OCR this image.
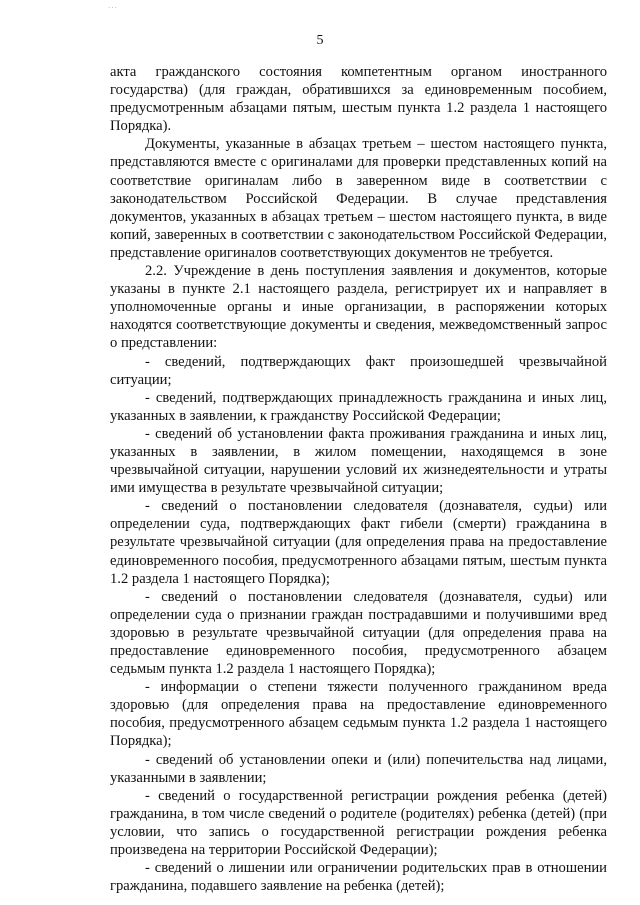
···
5

акта гражданского состояния компетентным органом иностранного государства) (для граждан, обратившихся за единовременным пособием, предусмотренным абзацами пятым, шестым пункта 1.2 раздела 1 настоящего Порядка).

Документы, указанные в абзацах третьем – шестом настоящего пункта, представляются вместе с оригиналами для проверки представленных копий на соответствие оригиналам либо в заверенном виде в соответствии с законодательством Российской Федерации. В случае представления документов, указанных в абзацах третьем – шестом настоящего пункта, в виде копий, заверенных в соответствии с законодательством Российской Федерации, представление оригиналов соответствующих документов не требуется.

2.2. Учреждение в день поступления заявления и документов, которые указаны в пункте 2.1 настоящего раздела, регистрирует их и направляет в уполномоченные органы и иные организации, в распоряжении которых находятся соответствующие документы и сведения, межведомственный запрос о представлении:

- сведений, подтверждающих факт произошедшей чрезвычайной ситуации;

- сведений, подтверждающих принадлежность гражданина и иных лиц, указанных в заявлении, к гражданству Российской Федерации;

- сведений об установлении факта проживания гражданина и иных лиц, указанных в заявлении, в жилом помещении, находящемся в зоне чрезвычайной ситуации, нарушении условий их жизнедеятельности и утраты ими имущества в результате чрезвычайной ситуации;

- сведений о постановлении следователя (дознавателя, судьи) или определении суда, подтверждающих факт гибели (смерти) гражданина в результате чрезвычайной ситуации (для определения права на предоставление единовременного пособия, предусмотренного абзацами пятым, шестым пункта 1.2 раздела 1 настоящего Порядка);

- сведений о постановлении следователя (дознавателя, судьи) или определении суда о признании граждан пострадавшими и получившими вред здоровью в результате чрезвычайной ситуации (для определения права на предоставление единовременного пособия, предусмотренного абзацем седьмым пункта 1.2 раздела 1 настоящего Порядка);

- информации о степени тяжести полученного гражданином вреда здоровью (для определения права на предоставление единовременного пособия, предусмотренного абзацем седьмым пункта 1.2 раздела 1 настоящего Порядка);

- сведений об установлении опеки и (или) попечительства над лицами, указанными в заявлении;

- сведений о государственной регистрации рождения ребенка (детей) гражданина, в том числе сведений о родителе (родителях) ребенка (детей) (при условии, что запись о государственной регистрации рождения ребенка произведена на территории Российской Федерации);

- сведений о лишении или ограничении родительских прав в отношении гражданина, подавшего заявление на ребенка (детей);
